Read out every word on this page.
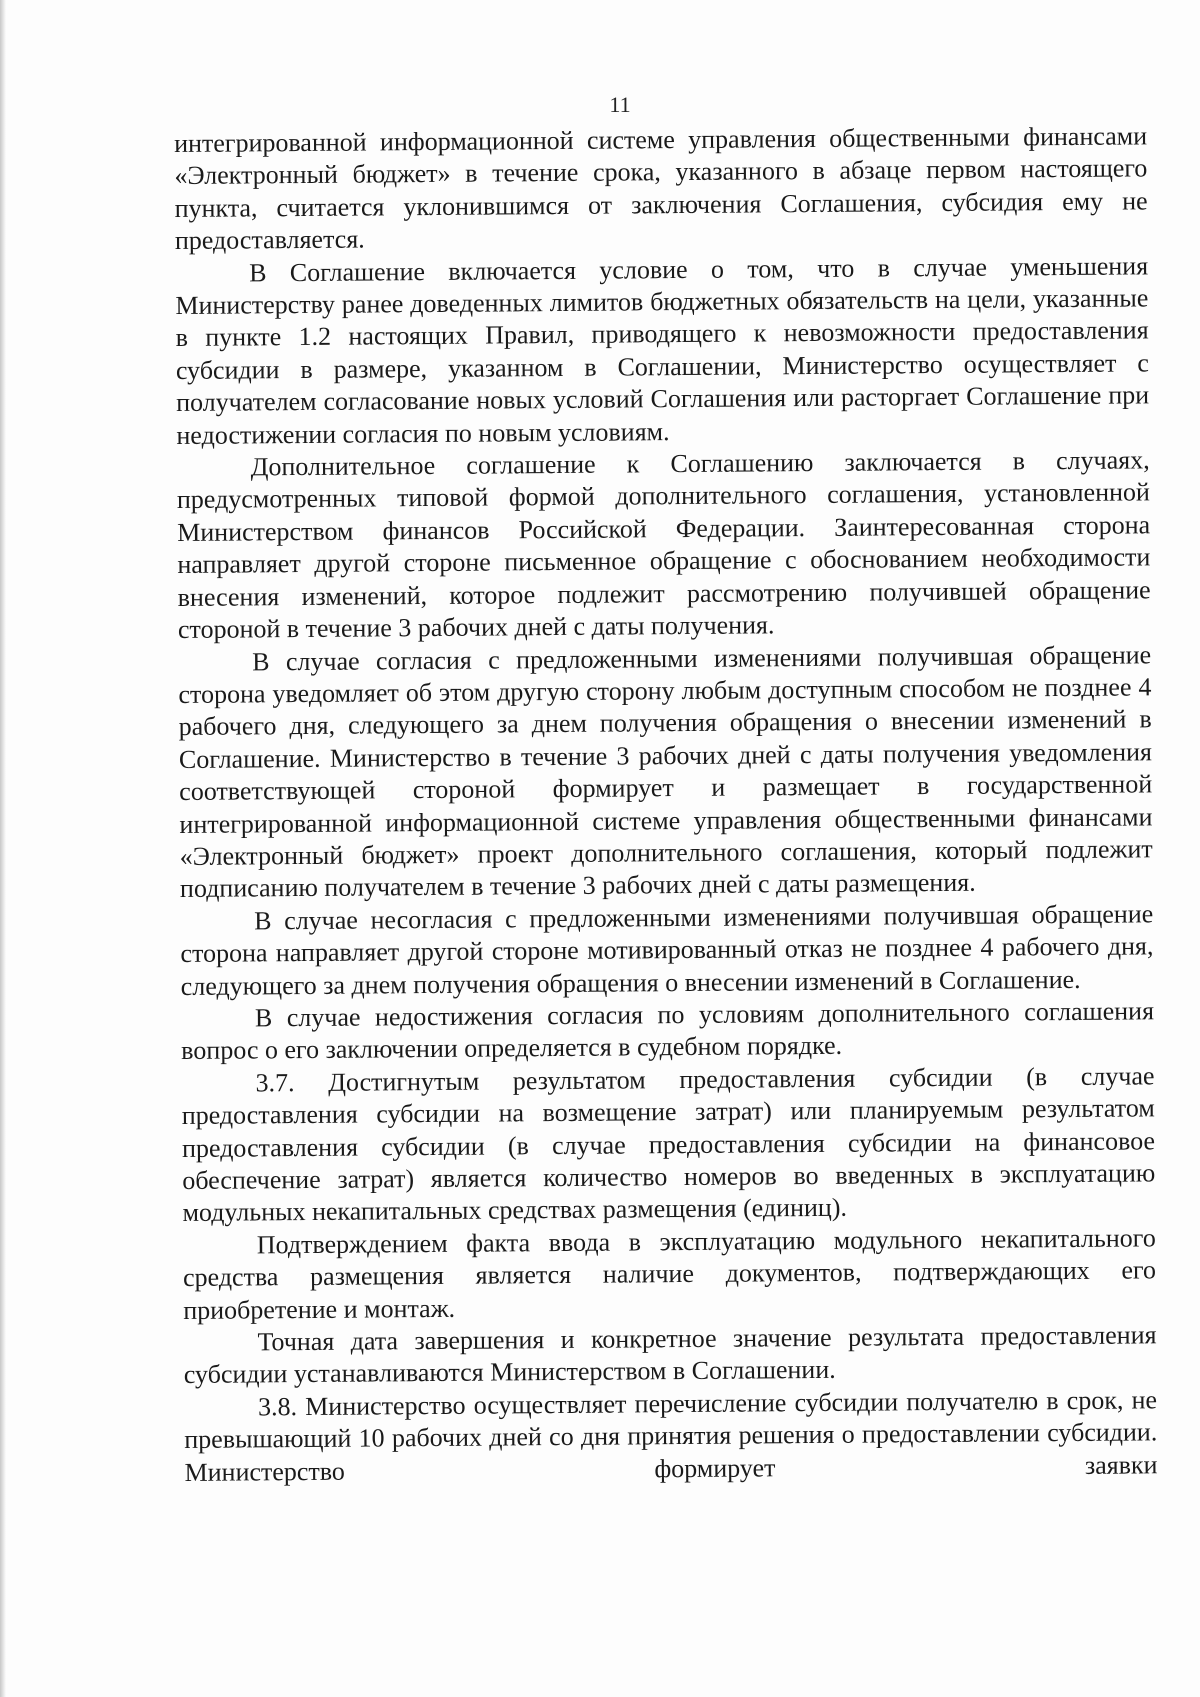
11

интегрированной информационной системе управления общественными финансами «Электронный бюджет» в течение срока, указанного в абзаце первом настоящего пункта, считается уклонившимся от заключения Соглашения, субсидия ему не предоставляется.

В Соглашение включается условие о том, что в случае уменьшения Министерству ранее доведенных лимитов бюджетных обязательств на цели, указанные в пункте 1.2 настоящих Правил, приводящего к невозможности предоставления субсидии в размере, указанном в Соглашении, Министерство осуществляет с получателем согласование новых условий Соглашения или расторгает Соглашение при недостижении согласия по новым условиям.

Дополнительное соглашение к Соглашению заключается в случаях, предусмотренных типовой формой дополнительного соглашения, установленной Министерством финансов Российской Федерации. Заинтересованная сторона направляет другой стороне письменное обращение с обоснованием необходимости внесения изменений, которое подлежит рассмотрению получившей обращение стороной в течение 3 рабочих дней с даты получения.

В случае согласия с предложенными изменениями получившая обращение сторона уведомляет об этом другую сторону любым доступным способом не позднее 4 рабочего дня, следующего за днем получения обращения о внесении изменений в Соглашение. Министерство в течение 3 рабочих дней с даты получения уведомления соответствующей стороной формирует и размещает в государственной интегрированной информационной системе управления общественными финансами «Электронный бюджет» проект дополнительного соглашения, который подлежит подписанию получателем в течение 3 рабочих дней с даты размещения.

В случае несогласия с предложенными изменениями получившая обращение сторона направляет другой стороне мотивированный отказ не позднее 4 рабочего дня, следующего за днем получения обращения о внесении изменений в Соглашение.

В случае недостижения согласия по условиям дополнительного соглашения вопрос о его заключении определяется в судебном порядке.

3.7. Достигнутым результатом предоставления субсидии (в случае предоставления субсидии на возмещение затрат) или планируемым результатом предоставления субсидии (в случае предоставления субсидии на финансовое обеспечение затрат) является количество номеров во введенных в эксплуатацию модульных некапитальных средствах размещения (единиц).

Подтверждением факта ввода в эксплуатацию модульного некапитального средства размещения является наличие документов, подтверждающих его приобретение и монтаж.

Точная дата завершения и конкретное значение результата предоставления субсидии устанавливаются Министерством в Соглашении.

3.8. Министерство осуществляет перечисление субсидии получателю в срок, не превышающий 10 рабочих дней со дня принятия решения о предоставлении субсидии. Министерство формирует заявки
